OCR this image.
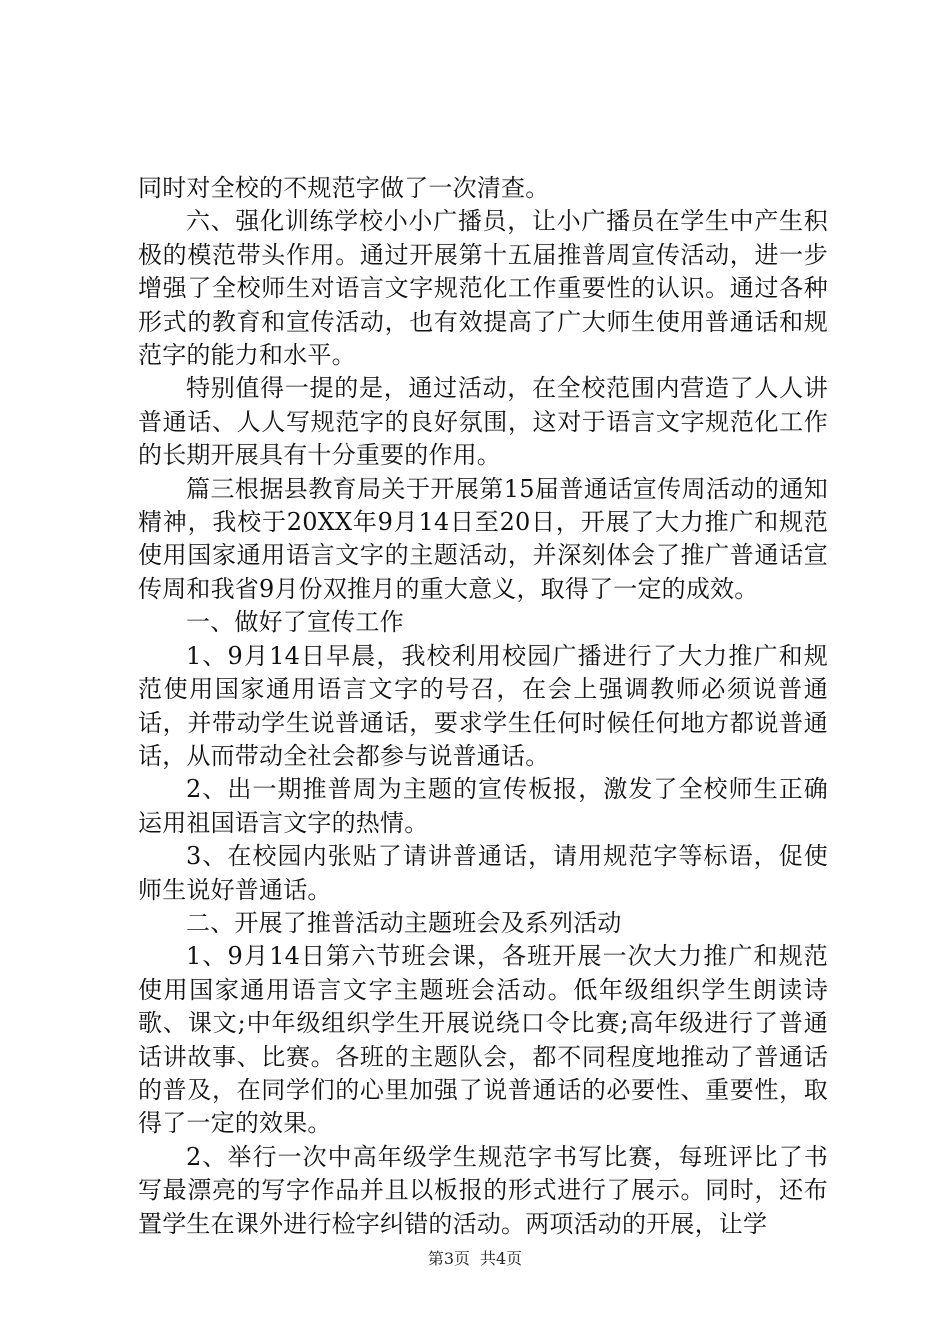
同时对全校的不规范字做了一次清查。

六、强化训练学校小小广播员，让小广播员在学生中产生积极的模范带头作用。通过开展第十五届推普周宣传活动，进一步增强了全校师生对语言文字规范化工作重要性的认识。通过各种形式的教育和宣传活动，也有效提高了广大师生使用普通话和规范字的能力和水平。

特别值得一提的是，通过活动，在全校范围内营造了人人讲普通话、人人写规范字的良好氛围，这对于语言文字规范化工作的长期开展具有十分重要的作用。

篇三根据县教育局关于开展第15届普通话宣传周活动的通知精神，我校于20XX年9月14日至20日，开展了大力推广和规范使用国家通用语言文字的主题活动，并深刻体会了推广普通话宣传周和我省9月份双推月的重大意义，取得了一定的成效。

一、做好了宣传工作

1、9月14日早晨，我校利用校园广播进行了大力推广和规范使用国家通用语言文字的号召，在会上强调教师必须说普通话，并带动学生说普通话，要求学生任何时候任何地方都说普通话，从而带动全社会都参与说普通话。

2、出一期推普周为主题的宣传板报，激发了全校师生正确运用祖国语言文字的热情。

3、在校园内张贴了请讲普通话，请用规范字等标语，促使师生说好普通话。

二、开展了推普活动主题班会及系列活动

1、9月14日第六节班会课，各班开展一次大力推广和规范使用国家通用语言文字主题班会活动。低年级组织学生朗读诗歌、课文;中年级组织学生开展说绕口令比赛;高年级进行了普通话讲故事、比赛。各班的主题队会，都不同程度地推动了普通话的普及，在同学们的心里加强了说普通话的必要性、重要性，取得了一定的效果。

2、举行一次中高年级学生规范字书写比赛，每班评比了书写最漂亮的写字作品并且以板报的形式进行了展示。同时，还布置学生在课外进行检字纠错的活动。两项活动的开展，让学

第3页 共4页
